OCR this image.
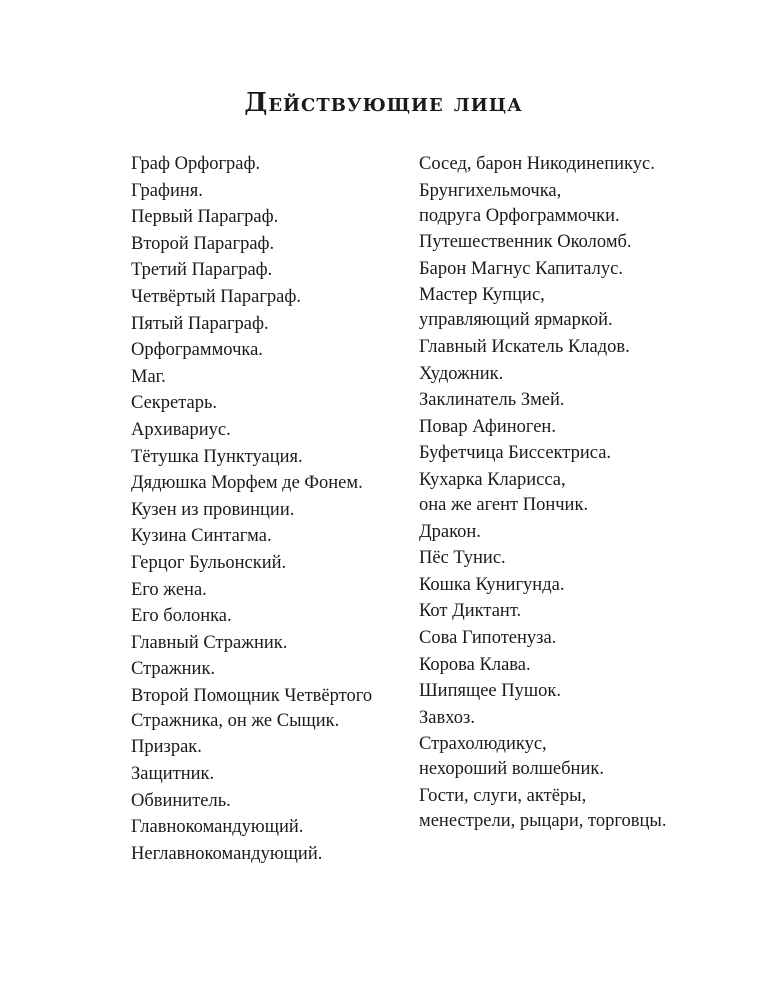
Действующие лица
Граф Орфограф.
Графиня.
Первый Параграф.
Второй Параграф.
Третий Параграф.
Четвёртый Параграф.
Пятый Параграф.
Орфограммочка.
Маг.
Секретарь.
Архивариус.
Тётушка Пунктуация.
Дядюшка Морфем де Фонем.
Кузен из провинции.
Кузина Синтагма.
Герцог Бульонский.
Его жена.
Его болонка.
Главный Стражник.
Стражник.
Второй Помощник Четвёртого
Стражника, он же Сыщик.
Призрак.
Защитник.
Обвинитель.
Главнокомандующий.
Неглавнокомандующий.
Сосед, барон Никодинепикус.
Брунгихельмочка,
подруга Орфограммочки.
Путешественник Околомб.
Барон Магнус Капиталус.
Мастер Купцис,
управляющий ярмаркой.
Главный Искатель Кладов.
Художник.
Заклинатель Змей.
Повар Афиноген.
Буфетчица Биссектриса.
Кухарка Кларисса,
она же агент Пончик.
Дракон.
Пёс Тунис.
Кошка Кунигунда.
Кот Диктант.
Сова Гипотенуза.
Корова Клава.
Шипящее Пушок.
Завхоз.
Страхолюдикус,
нехороший волшебник.
Гости, слуги, актёры,
менестрели, рыцари, торговцы.
